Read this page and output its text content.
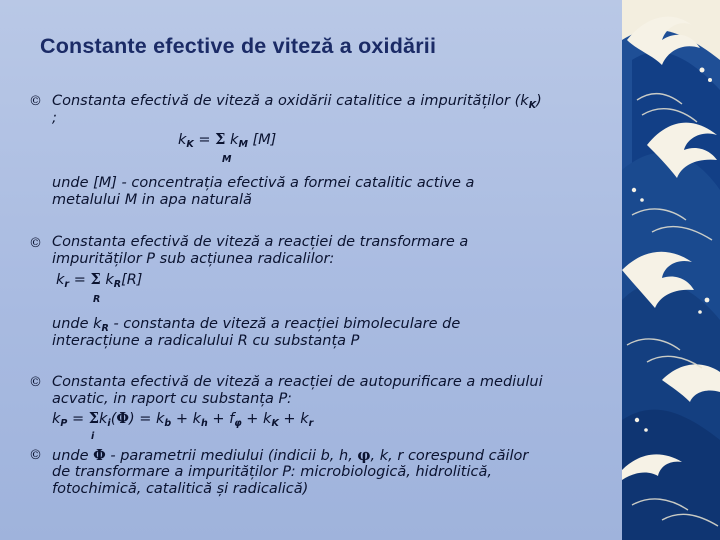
Constante efective de viteză a oxidării
© Constanta efectivă de viteză a oxidării catalitice a impurităților $(k_K)$
;
$k_K = \Sigma$ $k_M$ [M]
M
unde [M] - concentrația efectivă a formei catalitic active a
metalului M in apa naturală
© Constanta efectivă de viteză a reacției de transformare a
impurităților P sub acțiunea radicalilor:
$k_r = \Sigma$ $k_R[R]$
R
unde $k_R$ - constanta de viteză a reacției bimoleculare de
interacțiune a radicalului R cu substanța P
© Constanta efectivă de viteză a reacției de autopurificare a mediului
acvatic, in raport cu substanța P:
$k_P = \Sigma k_i(\Phi) = k_b + k_h + f_\varphi + k_K + k_r$
i
© unde Φ - parametrii mediului (indicii b, h, φ, k, r corespund căilor
de transformare a impurităților P: microbiologică, hidrolitică,
fotochimică, catalitică și radicalică)
